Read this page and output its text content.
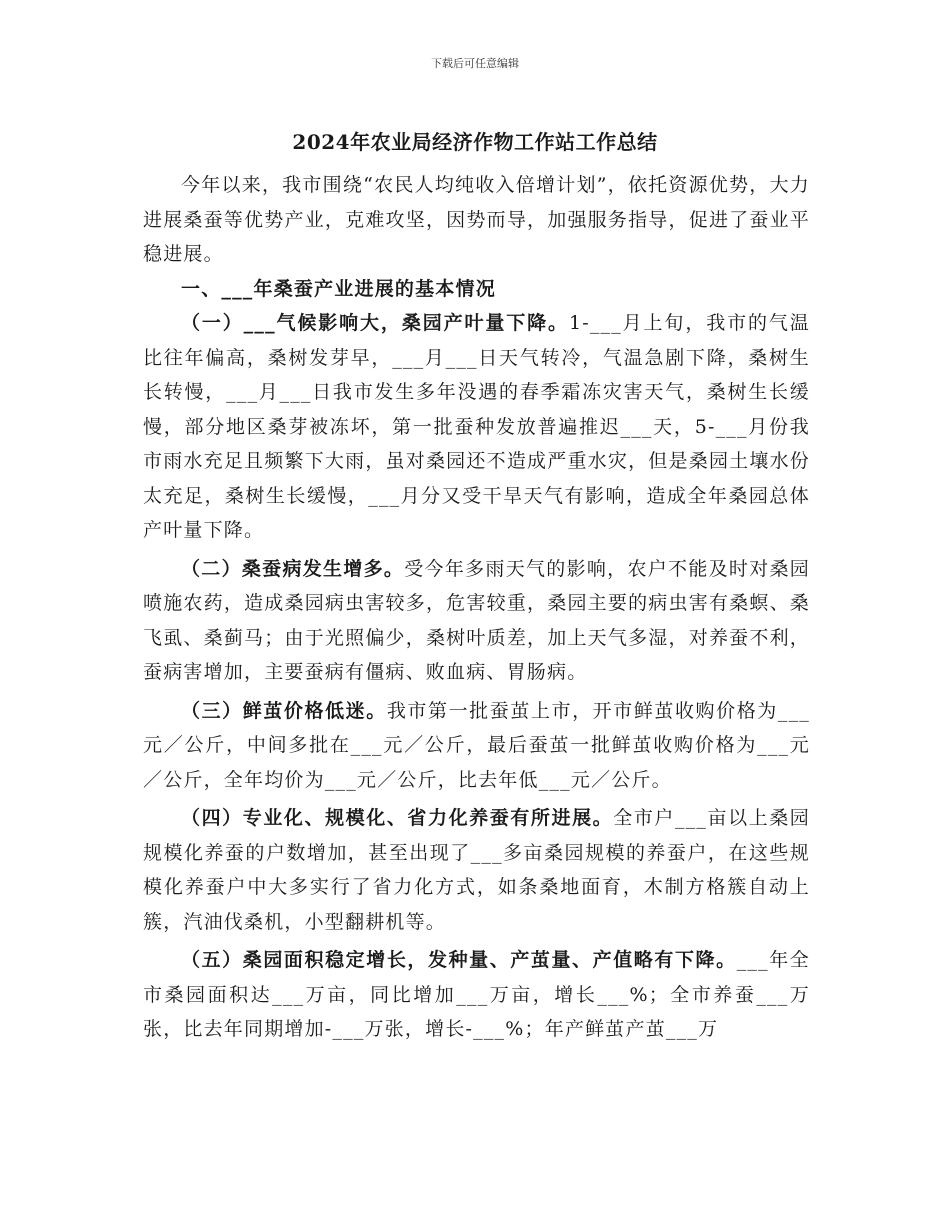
下载后可任意编辑
2024年农业局经济作物工作站工作总结

今年以来，我市围绕“农民人均纯收入倍增计划”，依托资源优势，大力进展桑蚕等优势产业，克难攻坚，因势而导，加强服务指导，促进了蚕业平稳进展。

一、___年桑蚕产业进展的基本情况

（一）___气候影响大，桑园产叶量下降。1-___月上旬，我市的气温比往年偏高，桑树发芽早，___月___日天气转冷，气温急剧下降，桑树生长转慢，___月___日我市发生多年没遇的春季霜冻灾害天气，桑树生长缓慢，部分地区桑芽被冻坏，第一批蚕种发放普遍推迟___天，5-___月份我市雨水充足且频繁下大雨，虽对桑园还不造成严重水灾，但是桑园土壤水份太充足，桑树生长缓慢，___月分又受干旱天气有影响，造成全年桑园总体产叶量下降。

（二）桑蚕病发生增多。受今年多雨天气的影响，农户不能及时对桑园喷施农药，造成桑园病虫害较多，危害较重，桑园主要的病虫害有桑螟、桑飞虱、桑蓟马；由于光照偏少，桑树叶质差，加上天气多湿，对养蚕不利，蚕病害增加，主要蚕病有僵病、败血病、胃肠病。

（三）鲜茧价格低迷。我市第一批蚕茧上市，开市鲜茧收购价格为___元／公斤，中间多批在___元／公斤，最后蚕茧一批鲜茧收购价格为___元／公斤，全年均价为___元／公斤，比去年低___元／公斤。

（四）专业化、规模化、省力化养蚕有所进展。全市户___亩以上桑园规模化养蚕的户数增加，甚至出现了___多亩桑园规模的养蚕户，在这些规模化养蚕户中大多实行了省力化方式，如条桑地面育，木制方格簇自动上簇，汽油伐桑机，小型翻耕机等。

（五）桑园面积稳定增长，发种量、产茧量、产值略有下降。___年全市桑园面积达___万亩，同比增加___万亩，增长___%；全市养蚕___万张，比去年同期增加-___万张，增长-___%；年产鲜茧产茧___万
